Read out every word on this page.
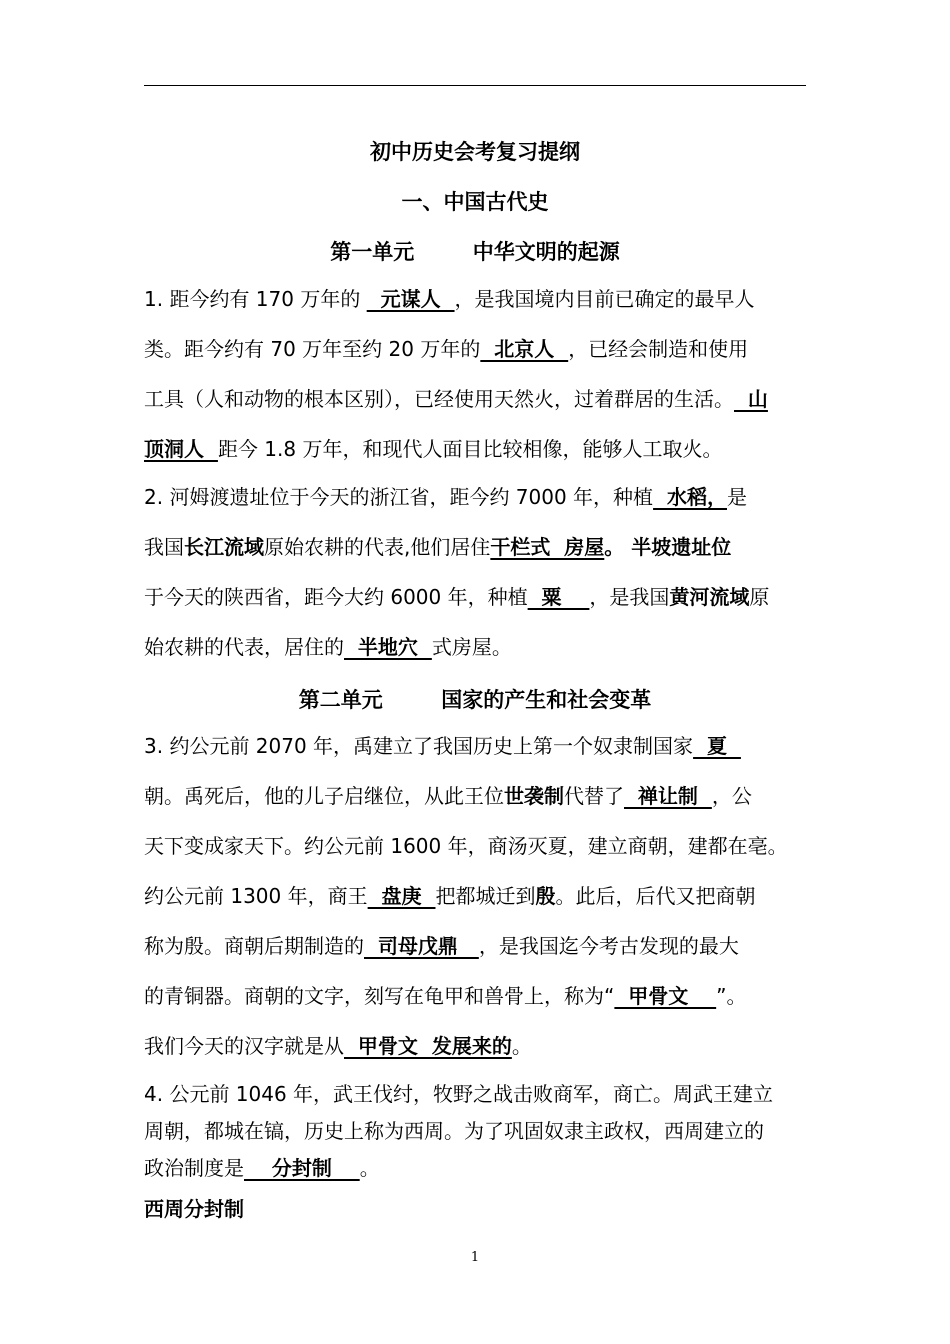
初中历史会考复习提纲
一、中国古代史
第一单元        中华文明的起源
1. 距今约有 170 万年的   元谋人  ，是我国境内目前已确定的最早人
类。距今约有 70 万年至约 20 万年的  北京人  ，已经会制造和使用
工具（人和动物的根本区别），已经使用天然火，过着群居的生活。  山
顶洞人  距今 1.8 万年，和现代人面目比较相像，能够人工取火。
2. 河姆渡遗址位于今天的浙江省，距今约 7000 年，种植  水稻，是
我国长江流域原始农耕的代表,他们居住干栏式  房屋。 半坡遗址位
于今天的陕西省，距今大约 6000 年，种植  粟    ，是我国黄河流域原
始农耕的代表，居住的  半地穴  式房屋。
第二单元        国家的产生和社会变革
3. 约公元前 2070 年，禹建立了我国历史上第一个奴隶制国家  夏
朝。禹死后，他的儿子启继位，从此王位世袭制代替了  禅让制  ，公
天下变成家天下。约公元前 1600 年，商汤灭夏，建立商朝，建都在亳。
约公元前 1300 年，商王  盘庚  把都城迁到殷。此后，后代又把商朝
称为殷。商朝后期制造的  司母戊鼎   ，是我国迄今考古发现的最大
的青铜器。商朝的文字，刻写在龟甲和兽骨上，称为“  甲骨文    ”。
我们今天的汉字就是从  甲骨文  发展来的。
4. 公元前 1046 年，武王伐纣，牧野之战击败商军，商亡。周武王建立
周朝，都城在镐，历史上称为西周。为了巩固奴隶主政权，西周建立的
政治制度是    分封制    。
西周分封制
1
